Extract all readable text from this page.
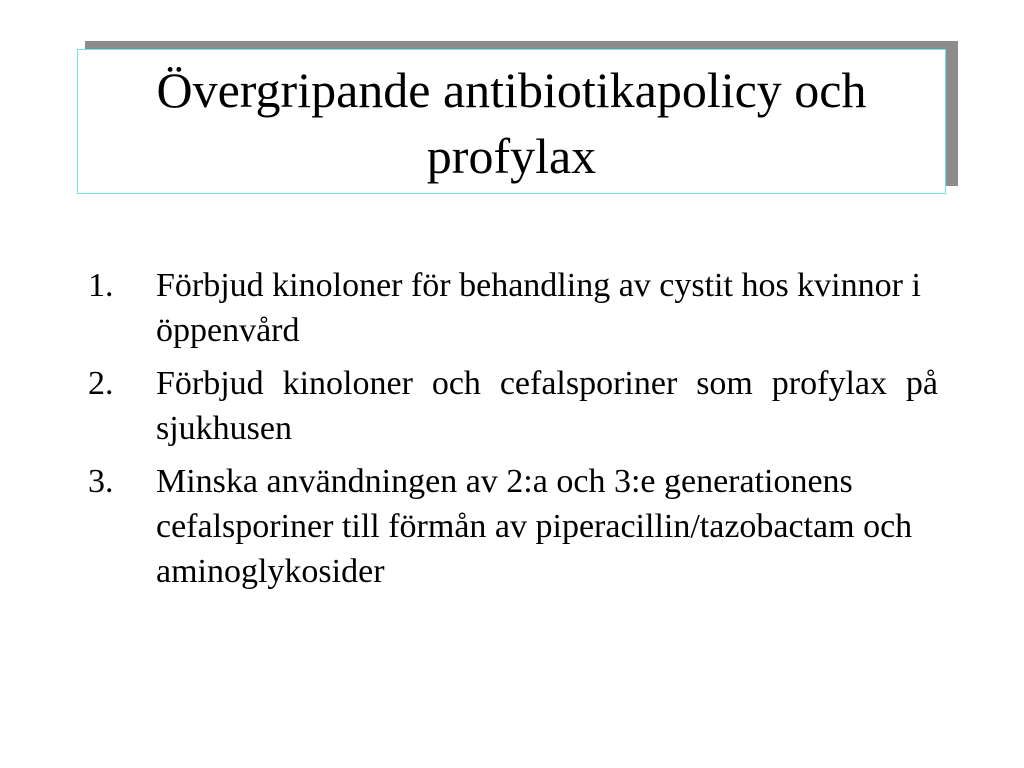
Övergripande antibiotikapolicy och profylax
1.	Förbjud kinoloner för behandling av cystit hos kvinnor i öppenvård
2.	Förbjud kinoloner och cefalsporiner som profylax på sjukhusen
3.	Minska användningen av 2:a och 3:e generationens cefalsporiner till förmån av piperacillin/tazobactam och aminoglykosider
